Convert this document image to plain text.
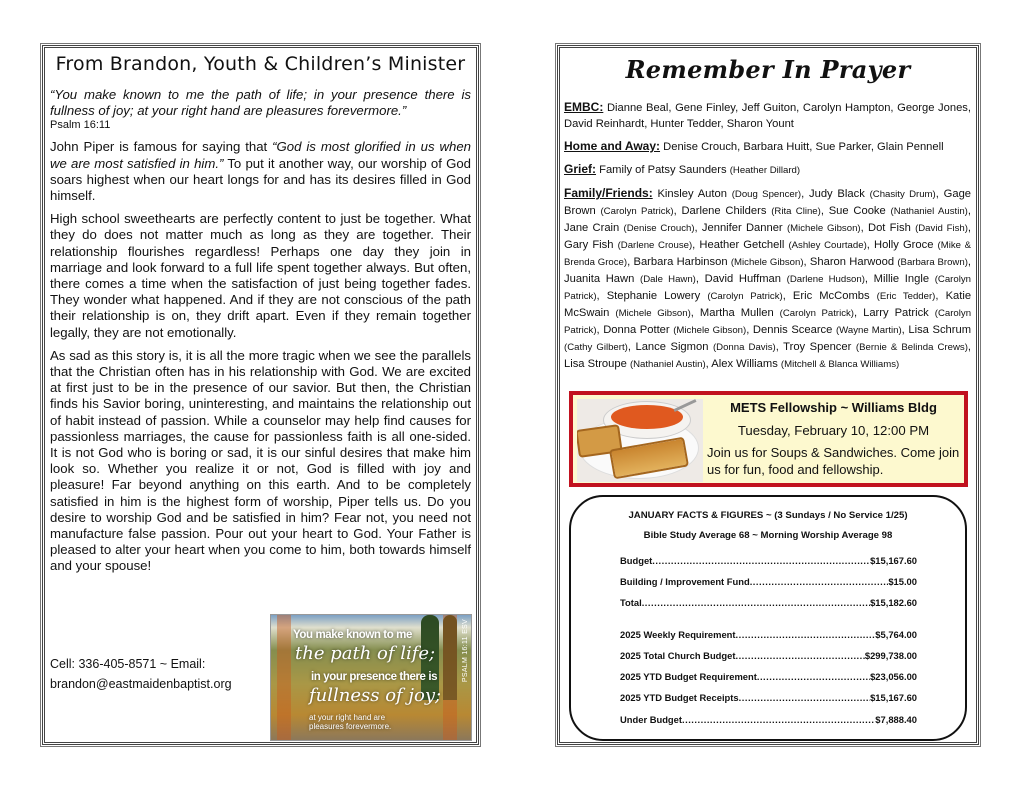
From Brandon, Youth & Children’s Minister

“You make known to me the path of life; in your presence there is fullness of joy; at your right hand are pleasures forevermore.”
Psalm 16:11

John Piper is famous for saying that “God is most glorified in us when we are most satisfied in him.” To put it another way, our worship of God soars highest when our heart longs for and has its desires filled in God himself.

High school sweethearts are perfectly content to just be together. What they do does not matter much as long as they are together. Their relationship flourishes regardless! Perhaps one day they join in marriage and look forward to a full life spent together always. But often, there comes a time when the satisfaction of just being together fades. They wonder what happened. And if they are not conscious of the path their relationship is on, they drift apart. Even if they remain together legally, they are not emotionally.

As sad as this story is, it is all the more tragic when we see the parallels that the Christian often has in his relationship with God. We are excited at first just to be in the presence of our savior. But then, the Christian finds his Savior boring, uninteresting, and maintains the relationship out of habit instead of passion. While a counselor may help find causes for passionless marriages, the cause for passionless faith is all one-sided. It is not God who is boring or sad, it is our sinful desires that make him look so. Whether you realize it or not, God is filled with joy and pleasure! Far beyond anything on this earth. And to be completely satisfied in him is the highest form of worship, Piper tells us. Do you desire to worship God and be satisfied in him? Fear not, you need not manufacture false passion. Pour out your heart to God. Your Father is pleased to alter your heart when you come to him, both towards himself and your spouse!

Cell: 336-405-8571 ~ Email:
brandon@eastmaidenbaptist.org
You make known to me
the path of life;
in your presence there is
fullness of joy;
at your right hand are pleasures forevermore.
PSALM 16:11 ESV
Remember In Prayer

EMBC: Dianne Beal, Gene Finley, Jeff Guiton, Carolyn Hampton, George Jones, David Reinhardt, Hunter Tedder, Sharon Yount

Home and Away: Denise Crouch, Barbara Huitt, Sue Parker, Glain Pennell

Grief: Family of Patsy Saunders (Heather Dillard)

Family/Friends: Kinsley Auton (Doug Spencer), Judy Black (Chasity Drum), Gage Brown (Carolyn Patrick), Darlene Childers (Rita Cline), Sue Cooke (Nathaniel Austin), Jane Crain (Denise Crouch), Jennifer Danner (Michele Gibson), Dot Fish (David Fish), Gary Fish (Darlene Crouse), Heather Getchell (Ashley Courtade), Holly Groce (Mike & Brenda Groce), Barbara Harbinson (Michele Gibson), Sharon Harwood (Barbara Brown), Juanita Hawn (Dale Hawn), David Huffman (Darlene Hudson), Millie Ingle (Carolyn Patrick), Stephanie Lowery (Carolyn Patrick), Eric McCombs (Eric Tedder), Katie McSwain (Michele Gibson), Martha Mullen (Carolyn Patrick), Larry Patrick (Carolyn Patrick), Donna Potter (Michele Gibson), Dennis Scearce (Wayne Martin), Lisa Schrum (Cathy Gilbert), Lance Sigmon (Donna Davis), Troy Spencer (Bernie & Belinda Crews), Lisa Stroupe (Nathaniel Austin), Alex Williams (Mitchell & Blanca Williams)

METS Fellowship ~ Williams Bldg
Tuesday, February 10, 12:00 PM
Join us for Soups & Sandwiches. Come join us for fun, food and fellowship.
JANUARY FACTS & FIGURES ~ (3 Sundays / No Service 1/25)
Bible Study Average 68 ~ Morning Worship Average 98
Budget .....	$15,167.60
Building / Improvement Fund .....	$15.00
Total .....	$15,182.60
2025 Weekly Requirement .....	$5,764.00
2025 Total Church Budget .....	$299,738.00
2025 YTD Budget Requirement .....	$23,056.00
2025 YTD Budget Receipts .....	$15,167.60
Under Budget .....	$7,888.40
